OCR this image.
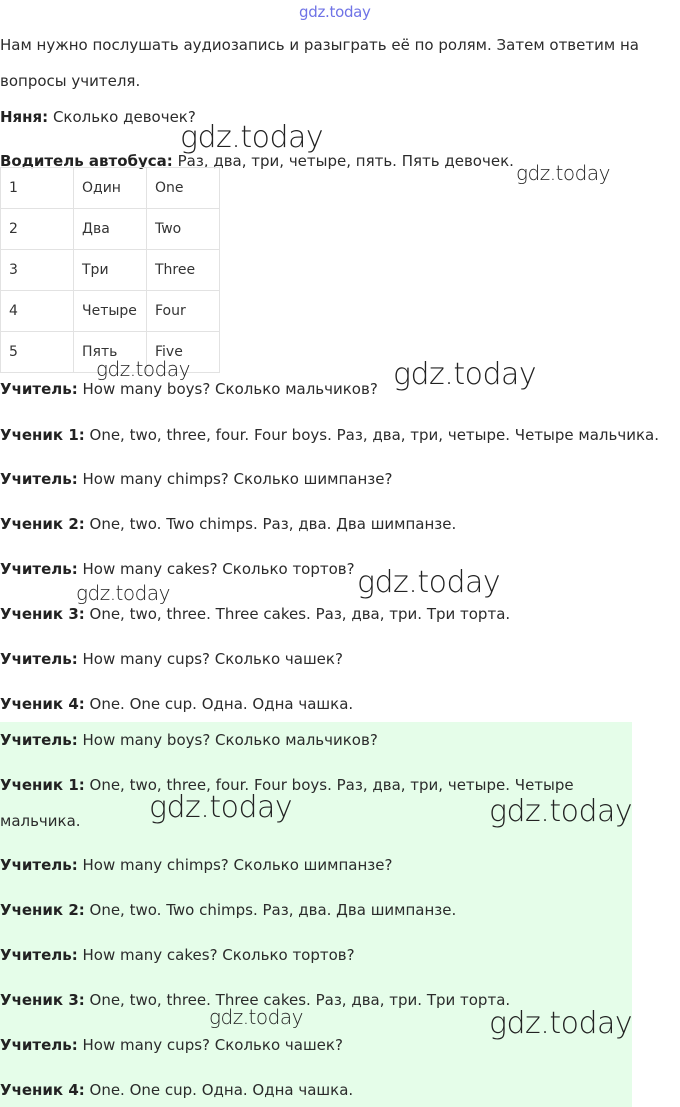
gdz.today
Нам нужно послушать аудиозапись и разыграть её по ролям. Затем ответим на
вопросы учителя.
Няня: Сколько девочек?
Водитель автобуса: Раз, два, три, четыре, пять. Пять девочек.
1	Один	One
2	Два	Two
3	Три	Three
4	Четыре	Four
5	Пять	Five
Учитель: How many boys? Сколько мальчиков?
Ученик 1: One, two, three, four. Four boys. Раз, два, три, четыре. Четыре мальчика.
Учитель: How many chimps? Сколько шимпанзе?
Ученик 2: One, two. Two chimps. Раз, два. Два шимпанзе.
Учитель: How many cakes? Сколько тортов?
Ученик 3: One, two, three. Three cakes. Раз, два, три. Три торта.
Учитель: How many cups? Сколько чашек?
Ученик 4: One. One cup. Одна. Одна чашка.
Учитель: How many boys? Сколько мальчиков?
Ученик 1: One, two, three, four. Four boys. Раз, два, три, четыре. Четыре
мальчика.
Учитель: How many chimps? Сколько шимпанзе?
Ученик 2: One, two. Two chimps. Раз, два. Два шимпанзе.
Учитель: How many cakes? Сколько тортов?
Ученик 3: One, two, three. Three cakes. Раз, два, три. Три торта.
Учитель: How many cups? Сколько чашек?
Ученик 4: One. One cup. Одна. Одна чашка.
gdz.today
gdz.today
gdz.today	gdz.today
gdz.today
gdz.today
gdz.today	gdz.today
gdz.today	gdz.today
